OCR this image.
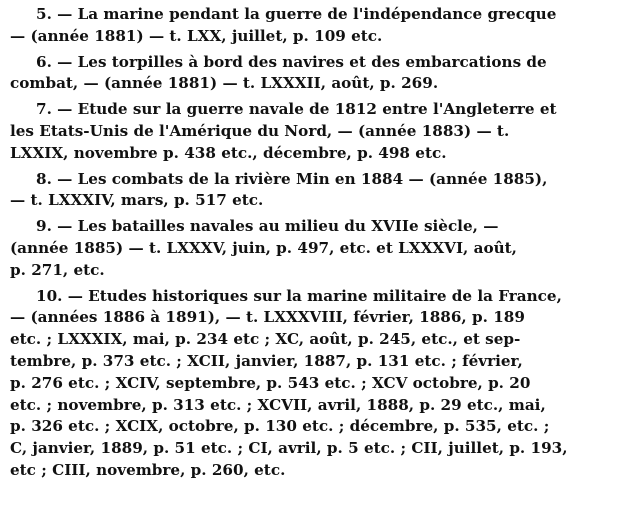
5. — La marine pendant la guerre de l'indépendance grecque
— (année 1881) — t. LXX, juillet, p. 109 etc.
6. — Les torpilles à bord des navires et des embarcations de
combat, — (année 1881) — t. LXXXII, août, p. 269.
7. — Etude sur la guerre navale de 1812 entre l'Angleterre et
les Etats-Unis de l'Amérique du Nord, — (année 1883) — t.
LXXIX, novembre p. 438 etc., décembre, p. 498 etc.
8. — Les combats de la rivière Min en 1884 — (année 1885),
— t. LXXXIV, mars, p. 517 etc.
9. — Les batailles navales au milieu du XVIIe siècle, —
(année 1885) — t. LXXXV, juin, p. 497, etc. et LXXXVI, août,
p. 271, etc.
10. — Etudes historiques sur la marine militaire de la France,
— (années 1886 à 1891), — t. LXXXVIII, février, 1886, p. 189
etc. ; LXXXIX, mai, p. 234 etc ; XC, août, p. 245, etc., et sep-
tembre, p. 373 etc. ; XCII, janvier, 1887, p. 131 etc. ; février,
p. 276 etc. ; XCIV, septembre, p. 543 etc. ; XCV octobre, p. 20
etc. ; novembre, p. 313 etc. ; XCVII, avril, 1888, p. 29 etc., mai,
p. 326 etc. ; XCIX, octobre, p. 130 etc. ; décembre, p. 535, etc. ;
C, janvier, 1889, p. 51 etc. ; CI, avril, p. 5 etc. ; CII, juillet, p. 193,
etc ; CIII, novembre, p. 260, etc.
